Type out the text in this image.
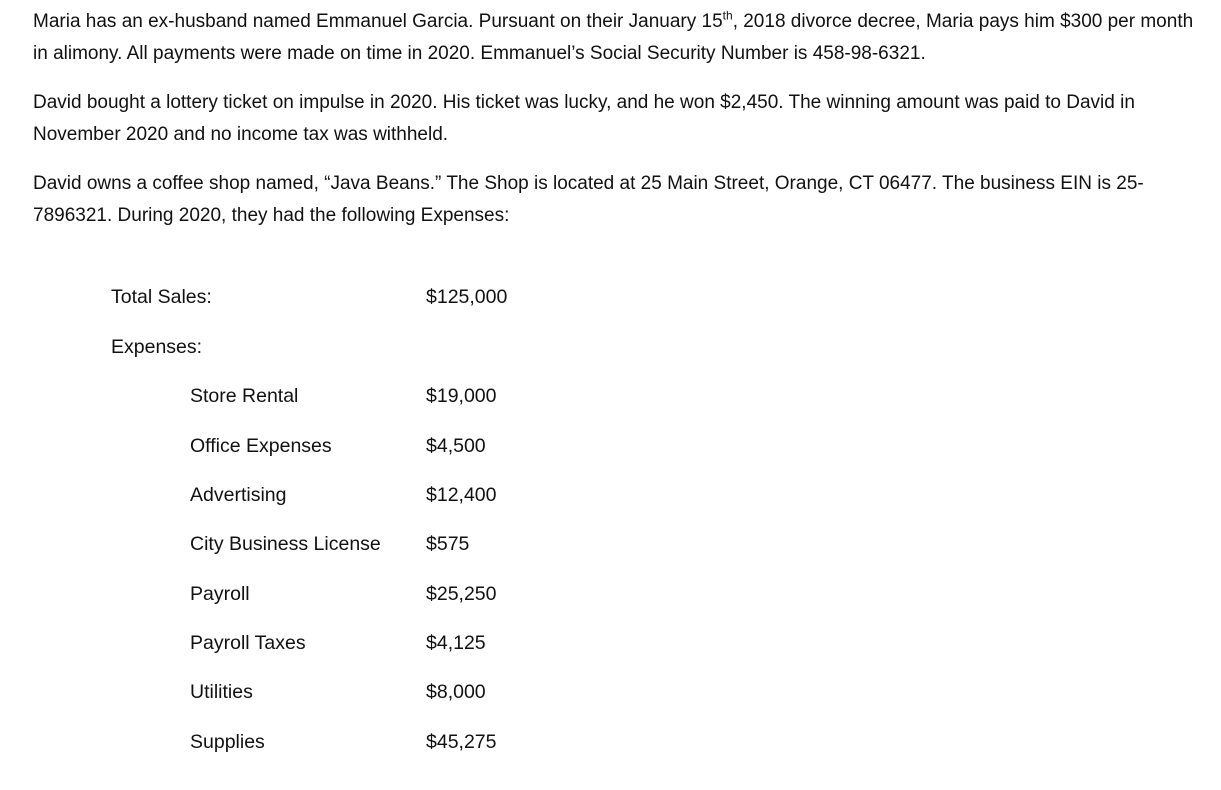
Maria has an ex-husband named Emmanuel Garcia. Pursuant on their January 15th, 2018 divorce decree, Maria pays him $300 per month in alimony. All payments were made on time in 2020. Emmanuel’s Social Security Number is 458-98-6321.

David bought a lottery ticket on impulse in 2020. His ticket was lucky, and he won $2,450. The winning amount was paid to David in November 2020 and no income tax was withheld.

David owns a coffee shop named, “Java Beans.” The Shop is located at 25 Main Street, Orange, CT 06477. The business EIN is 25-7896321. During 2020, they had the following Expenses:

Total Sales:	$125,000
Expenses:
Store Rental	$19,000
Office Expenses	$4,500
Advertising	$12,400
City Business License $575
Payroll	$25,250
Payroll Taxes	$4,125
Utilities	$8,000
Supplies	$45,275
